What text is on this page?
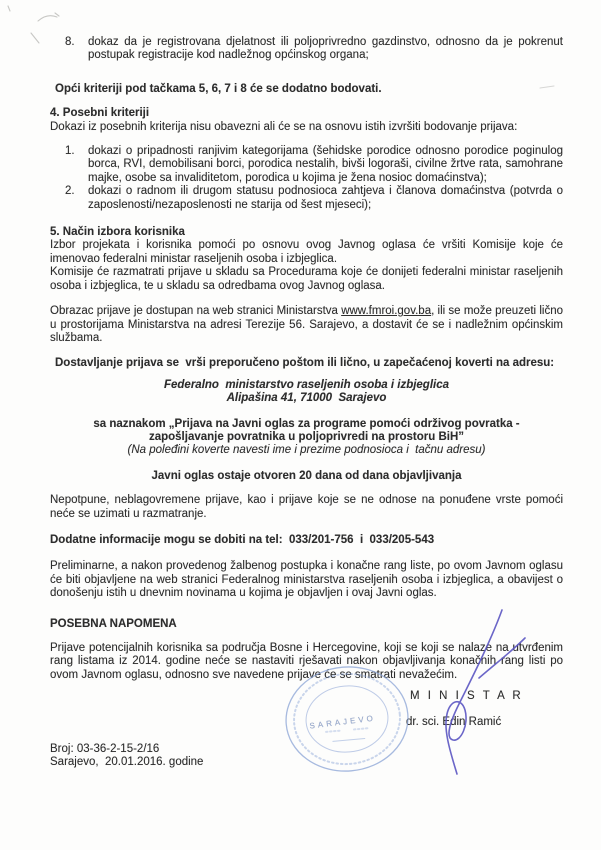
8. dokaz da je registrovana djelatnost ili poljoprivredno gazdinstvo, odnosno da je pokrenut postupak registracije kod nadležnog općinskog organa;
Opći kriteriji pod tačkama 5, 6, 7 i 8 će se dodatno bodovati.
4. Posebni kriteriji
Dokazi iz posebnih kriterija nisu obavezni ali će se na osnovu istih izvršiti bodovanje prijava:
1. dokazi o pripadnosti ranjivim kategorijama (šehidske porodice odnosno porodice poginulog borca, RVI, demobilisani borci, porodica nestalih, bivši logoraši, civilne žrtve rata, samohrane majke, osobe sa invaliditetom, porodica u kojima je žena nosioc domaćinstva);
2. dokazi o radnom ili drugom statusu podnosioca zahtjeva i članova domaćinstva (potvrda o zaposlenosti/nezaposlenosti ne starija od šest mjeseci);
5. Način izbora korisnika
Izbor projekata i korisnika pomoći po osnovu ovog Javnog oglasa će vršiti Komisije koje će imenovao federalni ministar raseljenih osoba i izbjeglica.
Komisije će razmatrati prijave u skladu sa Procedurama koje će donijeti federalni ministar raseljenih osoba i izbjeglica, te u skladu sa odredbama ovog Javnog oglasa.
Obrazac prijave je dostupan na web stranici Ministarstva www.fmroi.gov.ba, ili se može preuzeti lično u prostorijama Ministarstva na adresi Terezije 56. Sarajevo, a dostavit će se i nadležnim općinskim službama.
Dostavljanje prijava se  vrši preporučeno poštom ili lično, u zapečaćenoj koverti na adresu:
Federalno  ministarstvo raseljenih osoba i izbjeglica
Alipašina 41, 71000  Sarajevo
sa naznakom „Prijava na Javni oglas za programe pomoći održivog povratka -
zapošljavanje povratnika u poljoprivredi na prostoru BiH”
(Na poleđini koverte navesti ime i prezime podnosioca i  tačnu adresu)
Javni oglas ostaje otvoren 20 dana od dana objavljivanja
Nepotpune, neblagovremene prijave, kao i prijave koje se ne odnose na ponuđene vrste pomoći neće se uzimati u razmatranje.
Dodatne informacije mogu se dobiti na tel:  033/201-756  i  033/205-543
Preliminarne, a nakon provedenog žalbenog postupka i konačne rang liste, po ovom Javnom oglasu će biti objavljene na web stranici Federalnog ministarstva raseljenih osoba i izbjeglica, a obavijest o donošenju istih u dnevnim novinama u kojima je objavljen i ovaj Javni oglas.
POSEBNA NAPOMENA
Prijave potencijalnih korisnika sa područja Bosne i Hercegovine, koji se koji se nalaze na utvrđenim rang listama iz 2014. godine neće se nastaviti rješavati nakon objavljivanja konačnih rang listi po ovom Javnom oglasu, odnosno sve navedene prijave će se smatrati nevažećim.
M I N I S T A R
dr. sci. Edin Ramić
Broj: 03-36-2-15-2/16
Sarajevo,  20.01.2016. godine
SARAJEVO
